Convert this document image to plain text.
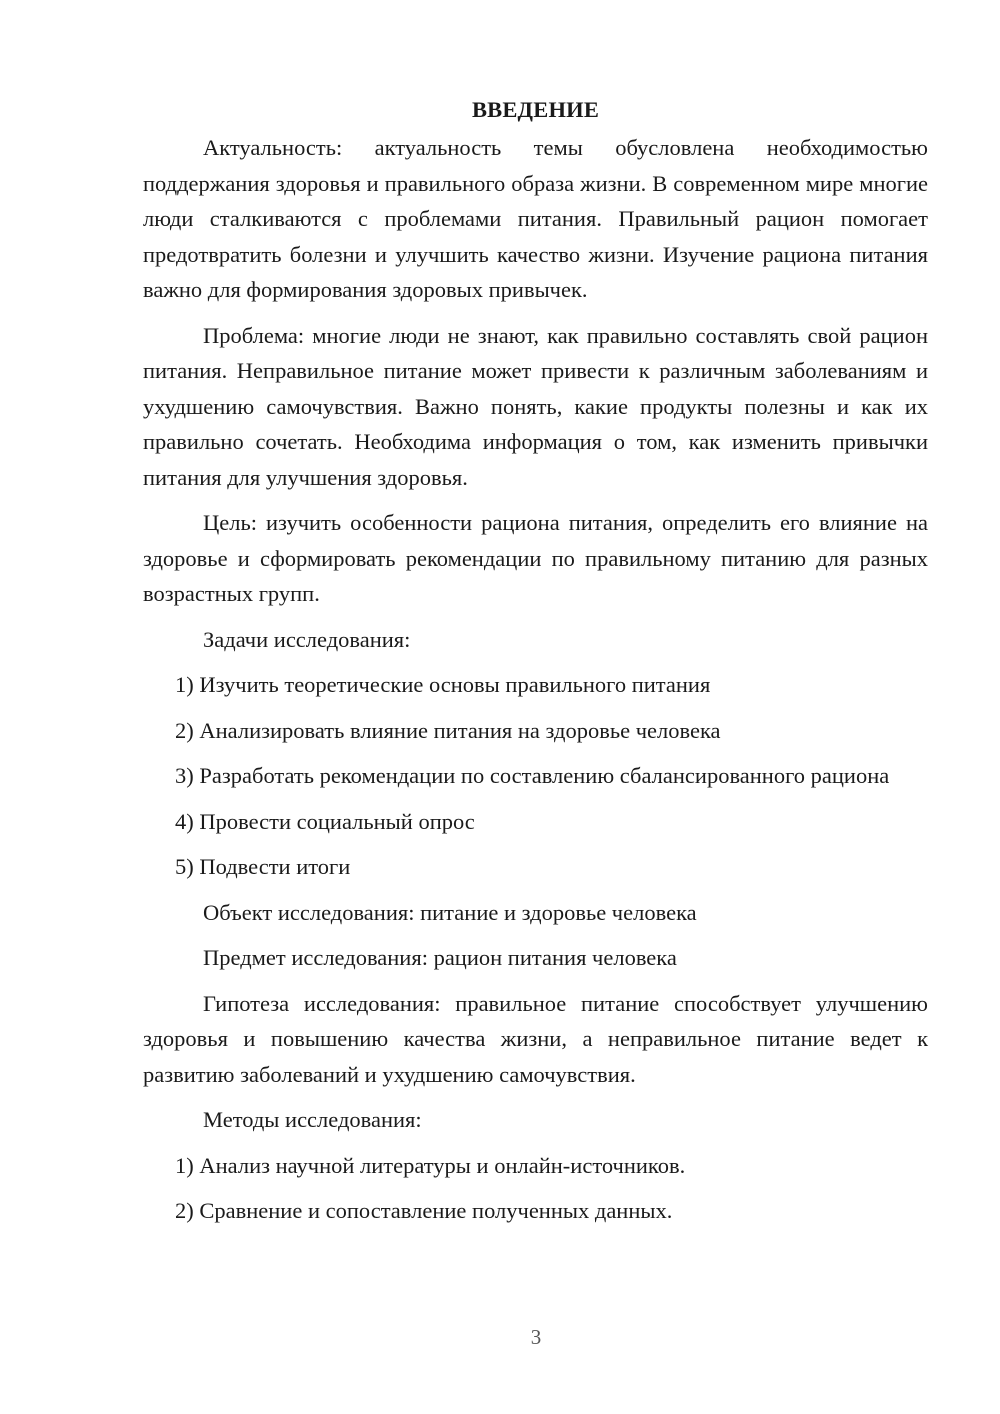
ВВЕДЕНИЕ

Актуальность: актуальность темы обусловлена необходимостью поддержания здоровья и правильного образа жизни. В современном мире многие люди сталкиваются с проблемами питания. Правильный рацион помогает предотвратить болезни и улучшить качество жизни. Изучение рациона питания важно для формирования здоровых привычек.

Проблема: многие люди не знают, как правильно составлять свой рацион питания. Неправильное питание может привести к различным заболеваниям и ухудшению самочувствия. Важно понять, какие продукты полезны и как их правильно сочетать. Необходима информация о том, как изменить привычки питания для улучшения здоровья.

Цель: изучить особенности рациона питания, определить его влияние на здоровье и сформировать рекомендации по правильному питанию для разных возрастных групп.

Задачи исследования:

1) Изучить теоретические основы правильного питания

2) Анализировать влияние питания на здоровье человека

3) Разработать рекомендации по составлению сбалансированного рациона

4) Провести социальный опрос

5) Подвести итоги

Объект исследования: питание и здоровье человека

Предмет исследования: рацион питания человека

Гипотеза исследования: правильное питание способствует улучшению здоровья и повышению качества жизни, а неправильное питание ведет к развитию заболеваний и ухудшению самочувствия.

Методы исследования:

1) Анализ научной литературы и онлайн-источников.

2) Сравнение и сопоставление полученных данных.

3
